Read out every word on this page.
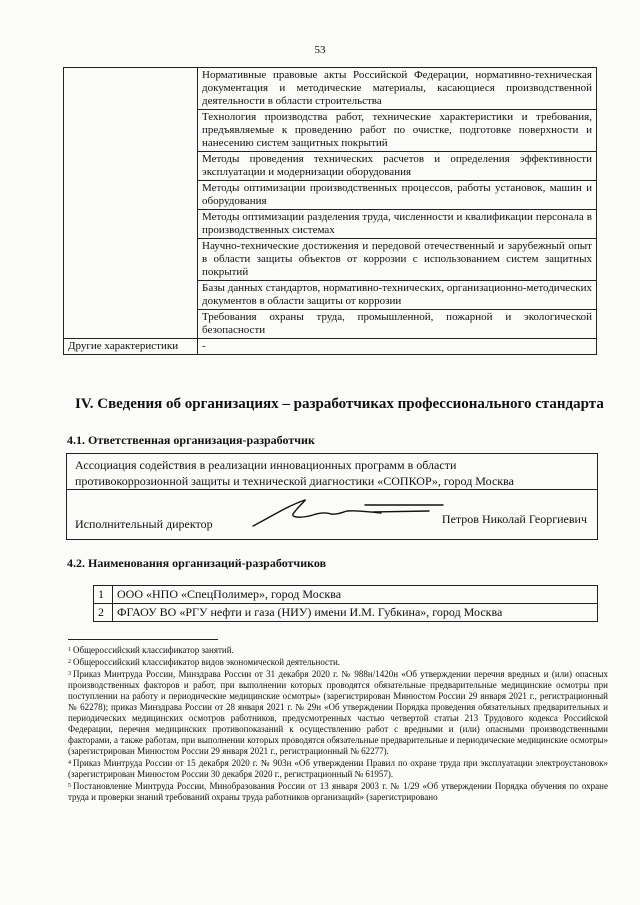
53
	Нормативные правовые акты Российской Федерации, нормативно-техническая документация и методические материалы, касающиеся производственной деятельности в области строительства
	Технология производства работ, технические характеристики и требования, предъявляемые к проведению работ по очистке, подготовке поверхности и нанесению систем защитных покрытий
	Методы проведения технических расчетов и определения эффективности эксплуатации и модернизации оборудования
	Методы оптимизации производственных процессов, работы установок, машин и оборудования
	Методы оптимизации разделения труда, численности и квалификации персонала в производственных системах
	Научно-технические достижения и передовой отечественный и зарубежный опыт в области защиты объектов от коррозии с использованием систем защитных покрытий
	Базы данных стандартов, нормативно-технических, организационно-методических документов в области защиты от коррозии
	Требования охраны труда, промышленной, пожарной и экологической безопасности
Другие характеристики	-
IV. Сведения об организациях – разработчиках профессионального стандарта
4.1. Ответственная организация-разработчик
Ассоциация содействия в реализации инновационных программ в области
противокоррозионной защиты и технической диагностики «СОПКОР», город Москва
Исполнительный директор	Петров Николай Георгиевич
4.2. Наименования организаций-разработчиков
1	ООО «НПО «СпецПолимер», город Москва
2	ФГАОУ ВО «РГУ нефти и газа (НИУ) имени И.М. Губкина», город Москва

$^1$ Общероссийский классификатор занятий.

$^2$ Общероссийский классификатор видов экономической деятельности.

$^3$ Приказ Минтруда России, Минздрава России от 31 декабря 2020 г. № 988н/1420н «Об утверждении перечня вредных и (или) опасных производственных факторов и работ, при выполнении которых проводятся обязательные предварительные медицинские осмотры при поступлении на работу и периодические медицинские осмотры» (зарегистрирован Минюстом России 29 января 2021 г., регистрационный № 62278); приказ Минздрава России от 28 января 2021 г. № 29н «Об утверждении Порядка проведения обязательных предварительных и периодических медицинских осмотров работников, предусмотренных частью четвертой статьи 213 Трудового кодекса Российской Федерации, перечня медицинских противопоказаний к осуществлению работ с вредными и (или) опасными производственными факторами, а также работам, при выполнении которых проводятся обязательные предварительные и периодические медицинские осмотры» (зарегистрирован Минюстом России 29 января 2021 г., регистрационный № 62277).

$^4$ Приказ Минтруда России от 15 декабря 2020 г. № 903н «Об утверждении Правил по охране труда при эксплуатации электроустановок» (зарегистрирован Минюстом России 30 декабря 2020 г., регистрационный № 61957).

$^5$ Постановление Минтруда России, Минобразования России от 13 января 2003 г. № 1/29 «Об утверждении Порядка обучения по охране труда и проверки знаний требований охраны труда работников организаций» (зарегистрировано
